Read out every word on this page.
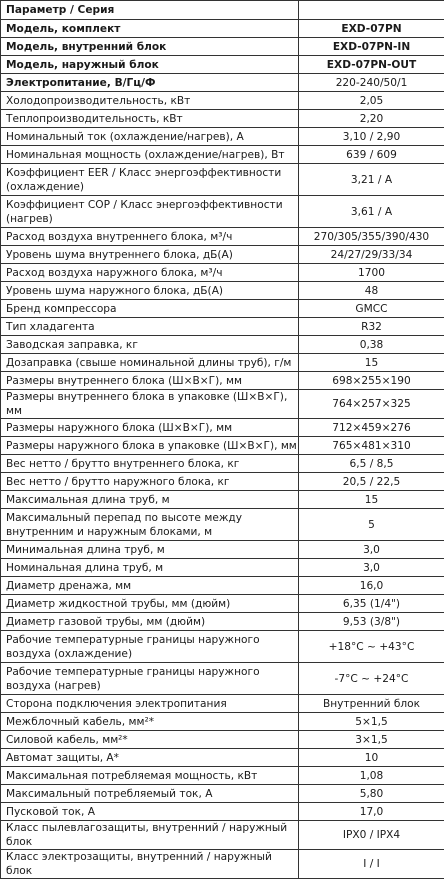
Параметр / Серия	
Модель, комплект	EXD-07PN
Модель, внутренний блок	EXD-07PN-IN
Модель, наружный блок	EXD-07PN-OUT
Электропитание, В/Гц/Ф	220-240/50/1
Холодопроизводительность, кВт	2,05
Теплопроизводительность, кВт	2,20
Номинальный ток (охлаждение/нагрев), А	3,10 / 2,90
Номинальная мощность (охлаждение/нагрев), Вт	639 / 609
Коэффициент EER / Класс энергоэффективности (охлаждение)	3,21 / A
Коэффициент COP / Класс энергоэффективности (нагрев)	3,61 / A
Расход воздуха внутреннего блока, м³/ч	270/305/355/390/430
Уровень шума внутреннего блока, дБ(А)	24/27/29/33/34
Расход воздуха наружного блока, м³/ч	1700
Уровень шума наружного блока, дБ(А)	48
Бренд компрессора	GMCC
Тип хладагента	R32
Заводская заправка, кг	0,38
Дозаправка (свыше номинальной длины труб), г/м	15
Размеры внутреннего блока (Ш×В×Г), мм	698×255×190
Размеры внутреннего блока в упаковке (Ш×В×Г), мм	764×257×325
Размеры наружного блока (Ш×В×Г), мм	712×459×276
Размеры наружного блока в упаковке (Ш×В×Г), мм	765×481×310
Вес нетто / брутто внутреннего блока, кг	6,5 / 8,5
Вес нетто / брутто наружного блока, кг	20,5 / 22,5
Максимальная длина труб, м	15
Максимальный перепад по высоте между внутренним и наружным блоками, м	5
Минимальная длина труб, м	3,0
Номинальная длина труб, м	3,0
Диаметр дренажа, мм	16,0
Диаметр жидкостной трубы, мм (дюйм)	6,35 (1/4")
Диаметр газовой трубы, мм (дюйм)	9,53 (3/8")
Рабочие температурные границы наружного воздуха (охлаждение)	+18°C ~ +43°C
Рабочие температурные границы наружного воздуха (нагрев)	-7°C ~ +24°C
Сторона подключения электропитания	Внутренний блок
Межблочный кабель, мм²*	5×1,5
Силовой кабель, мм²*	3×1,5
Автомат защиты, А*	10
Максимальная потребляемая мощность, кВт	1,08
Максимальный потребляемый ток, А	5,80
Пусковой ток, А	17,0
Класс пылевлагозащиты, внутренний / наружный блок	IPX0 / IPX4
Класс электрозащиты, внутренний / наружный блок	I / I
